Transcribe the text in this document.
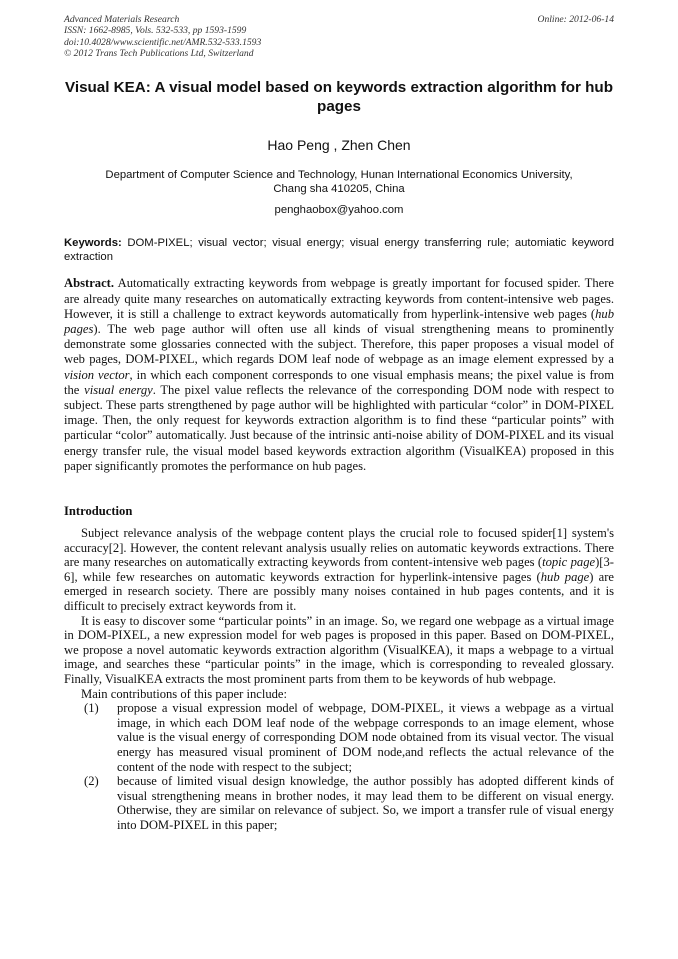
Advanced Materials Research	Online: 2012-06-14
ISSN: 1662-8985, Vols. 532-533, pp 1593-1599
doi:10.4028/www.scientific.net/AMR.532-533.1593
© 2012 Trans Tech Publications Ltd, Switzerland
Visual KEA: A visual model based on keywords extraction algorithm for hub pages
Hao Peng , Zhen Chen
Department of Computer Science and Technology, Hunan International Economics University,
Chang sha 410205, China
penghaobox@yahoo.com
Keywords: DOM-PIXEL; visual vector; visual energy; visual energy transferring rule; automiatic keyword extraction
Abstract. Automatically extracting keywords from webpage is greatly important for focused spider. There are already quite many researches on automatically extracting keywords from content-intensive web pages. However, it is still a challenge to extract keywords automatically from hyperlink-intensive web pages (hub pages). The web page author will often use all kinds of visual strengthening means to prominently demonstrate some glossaries connected with the subject. Therefore, this paper proposes a visual model of web pages, DOM-PIXEL, which regards DOM leaf node of webpage as an image element expressed by a vision vector, in which each component corresponds to one visual emphasis means; the pixel value is from the visual energy. The pixel value reflects the relevance of the corresponding DOM node with respect to subject. These parts strengthened by page author will be highlighted with particular “color” in DOM-PIXEL image. Then, the only request for keywords extraction algorithm is to find these “particular points” with particular “color” automatically. Just because of the intrinsic anti-noise ability of DOM-PIXEL and its visual energy transfer rule, the visual model based keywords extraction algorithm (VisualKEA) proposed in this paper significantly promotes the performance on hub pages.
Introduction
Subject relevance analysis of the webpage content plays the crucial role to focused spider[1] system's accuracy[2]. However, the content relevant analysis usually relies on automatic keywords extractions. There are many researches on automatically extracting keywords from content-intensive web pages (topic page)[3-6], while few researches on automatic keywords extraction for hyperlink-intensive pages (hub page) are emerged in research society. There are possibly many noises contained in hub pages contents, and it is difficult to precisely extract keywords from it.
It is easy to discover some “particular points” in an image. So, we regard one webpage as a virtual image in DOM-PIXEL, a new expression model for web pages is proposed in this paper. Based on DOM-PIXEL, we propose a novel automatic keywords extraction algorithm (VisualKEA), it maps a webpage to a virtual image, and searches these “particular points” in the image, which is corresponding to revealed glossary. Finally, VisualKEA extracts the most prominent parts from them to be keywords of hub webpage.
Main contributions of this paper include:
(1)	propose a visual expression model of webpage, DOM-PIXEL, it views a webpage as a virtual image, in which each DOM leaf node of the webpage corresponds to an image element, whose value is the visual energy of corresponding DOM node obtained from its visual vector. The visual energy has measured visual prominent of DOM node,and reflects the actual relevance of the content of the node with respect to the subject;
(2)	because of limited visual design knowledge, the author possibly has adopted different kinds of visual strengthening means in brother nodes, it may lead them to be different on visual energy. Otherwise, they are similar on relevance of subject. So, we import a transfer rule of visual energy into DOM-PIXEL in this paper;
